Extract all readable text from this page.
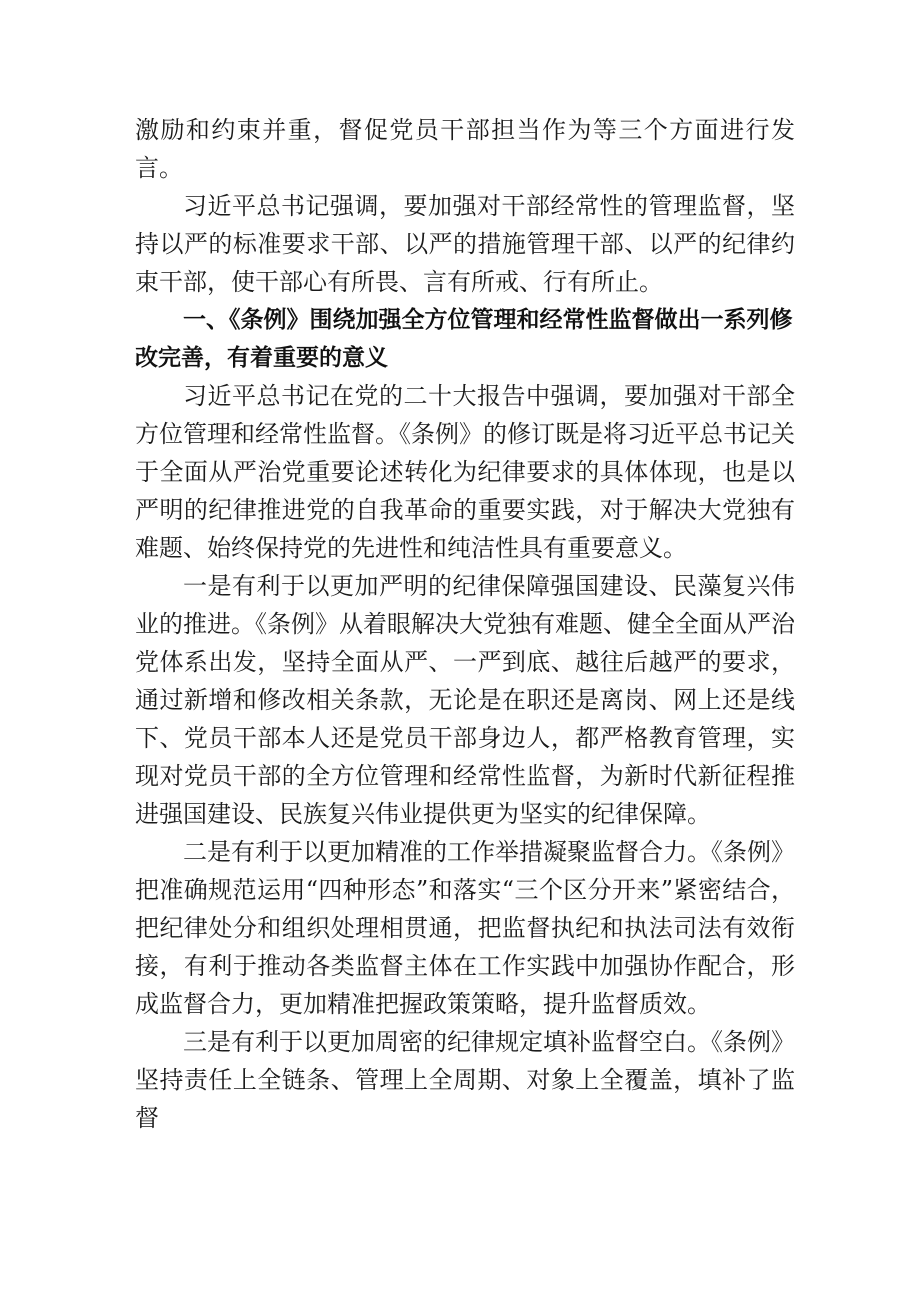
激励和约束并重，督促党员干部担当作为等三个方面进行发言。

习近平总书记强调，要加强对干部经常性的管理监督，坚持以严的标准要求干部、以严的措施管理干部、以严的纪律约束干部，使干部心有所畏、言有所戒、行有所止。

一、《条例》围绕加强全方位管理和经常性监督做出一系列修改完善，有着重要的意义

习近平总书记在党的二十大报告中强调，要加强对干部全方位管理和经常性监督。《条例》的修订既是将习近平总书记关于全面从严治党重要论述转化为纪律要求的具体体现，也是以严明的纪律推进党的自我革命的重要实践，对于解决大党独有难题、始终保持党的先进性和纯洁性具有重要意义。

一是有利于以更加严明的纪律保障强国建设、民藻复兴伟业的推进。《条例》从着眼解决大党独有难题、健全全面从严治党体系出发，坚持全面从严、一严到底、越往后越严的要求，通过新增和修改相关条款，无论是在职还是离岗、网上还是线下、党员干部本人还是党员干部身边人，都严格教育管理，实现对党员干部的全方位管理和经常性监督，为新时代新征程推进强国建设、民族复兴伟业提供更为坚实的纪律保障。

二是有利于以更加精准的工作举措凝聚监督合力。《条例》把准确规范运用“四种形态”和落实“三个区分开来”紧密结合，把纪律处分和组织处理相贯通，把监督执纪和执法司法有效衔接，有利于推动各类监督主体在工作实践中加强协作配合，形成监督合力，更加精准把握政策策略，提升监督质效。

三是有利于以更加周密的纪律规定填补监督空白。《条例》坚持责任上全链条、管理上全周期、对象上全覆盖，填补了监督
